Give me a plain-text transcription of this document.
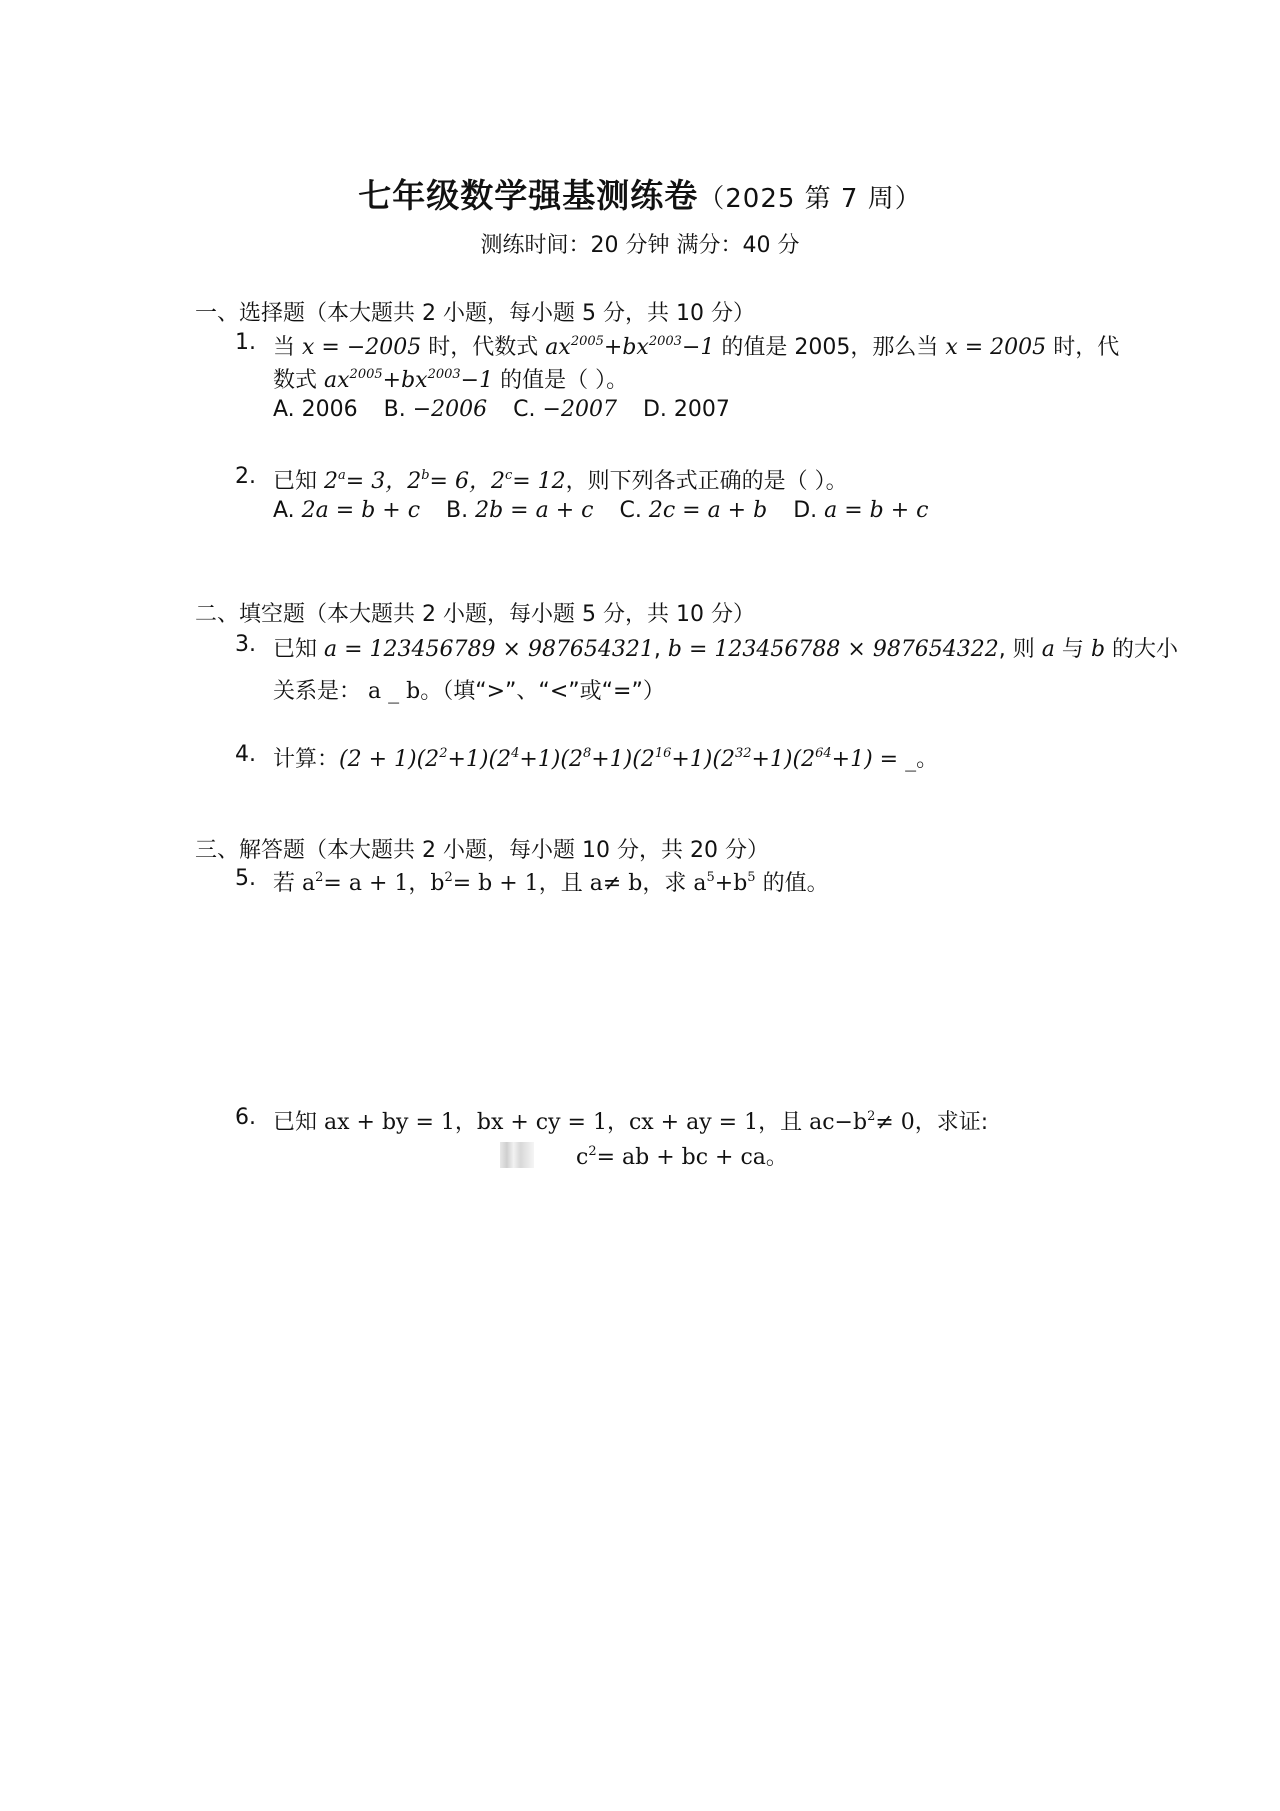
七年级数学强基测练卷（2025 第 7 周）
测练时间：20 分钟 满分：40 分
一、选择题（本大题共 2 小题，每小题 5 分，共 10 分）
1. 当 x = −2005 时，代数式 $ax^{2005}+bx^{2003}-1$ 的值是 2005，那么当 x = 2005 时，代
数式 $ax^{2005}+bx^{2003}-1$ 的值是（ ）。
A. 2006 B. −2006 C. −2007 D. 2007
2. 已知 $2^a= 3$，$2^b= 6$，$2^c= 12$，则下列各式正确的是（ ）。
A. 2a = b + c B. 2b = a + c C. 2c = a + b D. a = b + c
二、填空题（本大题共 2 小题，每小题 5 分，共 10 分）
3. 已知 a = 123456789 × 987654321, b = 123456788 × 987654322, 则 a 与 b 的大小
关系是： a _ b。（填“>”、“<”或“=”）
4. 计算：$(2 + 1)(2^2+1)(2^4+1)(2^8+1)(2^{16}+1)(2^{32}+1)(2^{64}+1)$ = _。
三、解答题（本大题共 2 小题，每小题 10 分，共 20 分）
5. 若 $a^2= a + 1$，$b^2= b + 1$，且 a≠ b，求 $a^5+b^5$ 的值。
6. 已知 ax + by = 1，bx + cy = 1，cx + ay = 1，且 $ac-b^2\ne 0$，求证:
$c^2=$ ab + bc + ca。
